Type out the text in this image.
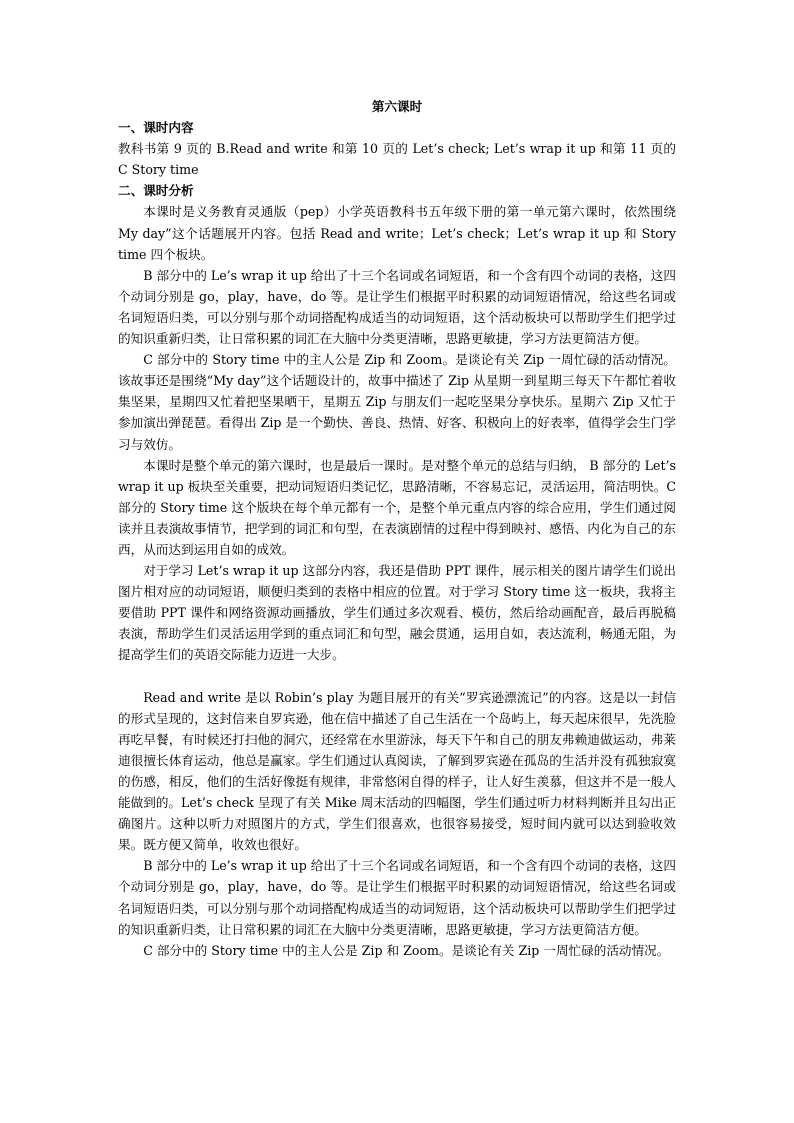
第六课时

一、课时内容

教科书第 9 页的 B.Read and write 和第 10 页的 Let’s check; Let’s wrap it up 和第 11 页的 C Story time

二、课时分析

本课时是义务教育灵通版（pep）小学英语教科书五年级下册的第一单元第六课时，依然围绕My day”这个话题展开内容。包括 Read and write；Let’s check；Let’s wrap it up 和 Story time 四个板块。

B 部分中的 Le’s wrap it up 给出了十三个名词或名词短语，和一个含有四个动词的表格，这四个动词分别是 go，play，have，do 等。是让学生们根据平时积累的动词短语情况，给这些名词或名词短语归类，可以分别与那个动词搭配构成适当的动词短语，这个活动板块可以帮助学生们把学过的知识重新归类，让日常积累的词汇在大脑中分类更清晰，思路更敏捷，学习方法更简洁方便。

C 部分中的 Story time 中的主人公是 Zip 和 Zoom。是谈论有关 Zip 一周忙碌的活动情况。该故事还是围绕“My day”这个话题设计的，故事中描述了 Zip 从星期一到星期三每天下午都忙着收集坚果，星期四又忙着把坚果晒干，星期五 Zip 与朋友们一起吃坚果分享快乐。星期六 Zip 又忙于参加演出弹琵琶。看得出 Zip 是一个勤快、善良、热情、好客、积极向上的好表率，值得学会生门学习与效仿。

本课时是整个单元的第六课时，也是最后一课时。是对整个单元的总结与归纳， B 部分的 Let’s wrap it up 板块至关重要，把动词短语归类记忆，思路清晰，不容易忘记，灵活运用，简洁明快。C 部分的 Story time 这个版块在每个单元都有一个，是整个单元重点内容的综合应用，学生们通过阅读并且表演故事情节，把学到的词汇和句型，在表演剧情的过程中得到映衬、感悟、内化为自己的东西，从而达到运用自如的成效。

对于学习 Let’s wrap it up 这部分内容，我还是借助 PPT 课件，展示相关的图片请学生们说出图片相对应的动词短语，顺便归类到的表格中相应的位置。对于学习 Story time 这一板块，我将主要借助 PPT 课件和网络资源动画播放，学生们通过多次观看、模仿，然后给动画配音，最后再脱稿表演，帮助学生们灵活运用学到的重点词汇和句型，融会贯通，运用自如，表达流利，畅通无阻，为提高学生们的英语交际能力迈进一大步。

Read and write 是以 Robin’s play 为题目展开的有关“罗宾逊漂流记”的内容。这是以一封信的形式呈现的，这封信来自罗宾逊，他在信中描述了自己生活在一个岛屿上，每天起床很早，先洗脸再吃早餐，有时候还打扫他的洞穴，还经常在水里游泳，每天下午和自己的朋友弗赖迪做运动，弗莱迪很擅长体育运动，他总是赢家。学生们通过认真阅读，了解到罗宾逊在孤岛的生活并没有孤独寂寞的伤感，相反，他们的生活好像挺有规律，非常悠闲自得的样子，让人好生羡慕，但这并不是一般人能做到的。Let’s check 呈现了有关 Mike 周末活动的四幅图，学生们通过听力材料判断并且勾出正确图片。这种以听力对照图片的方式，学生们很喜欢，也很容易接受，短时间内就可以达到验收效果。既方便又简单，收效也很好。

B 部分中的 Le’s wrap it up 给出了十三个名词或名词短语，和一个含有四个动词的表格，这四个动词分别是 go，play，have，do 等。是让学生们根据平时积累的动词短语情况，给这些名词或名词短语归类，可以分别与那个动词搭配构成适当的动词短语，这个活动板块可以帮助学生们把学过的知识重新归类，让日常积累的词汇在大脑中分类更清晰，思路更敏捷，学习方法更简洁方便。

C 部分中的 Story time 中的主人公是 Zip 和 Zoom。是谈论有关 Zip 一周忙碌的活动情况。
